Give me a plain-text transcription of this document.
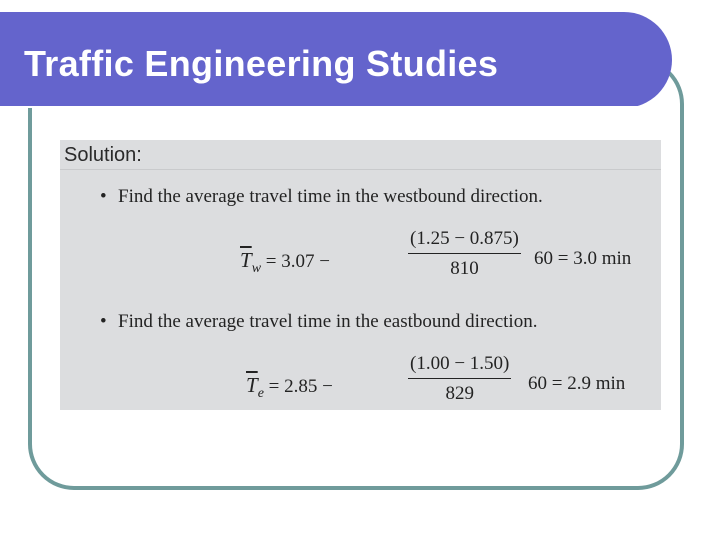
Traffic Engineering Studies
Solution:
• Find the average travel time in the westbound direction.
$\overline{T}_w = 3.07$ −
(1.25 − 0.875)
810	60 = 3.0 min
• Find the average travel time in the eastbound direction.
$\overline{T}_e = 2.85$ −
(1.00 − 1.50)
829	60 = 2.9 min
